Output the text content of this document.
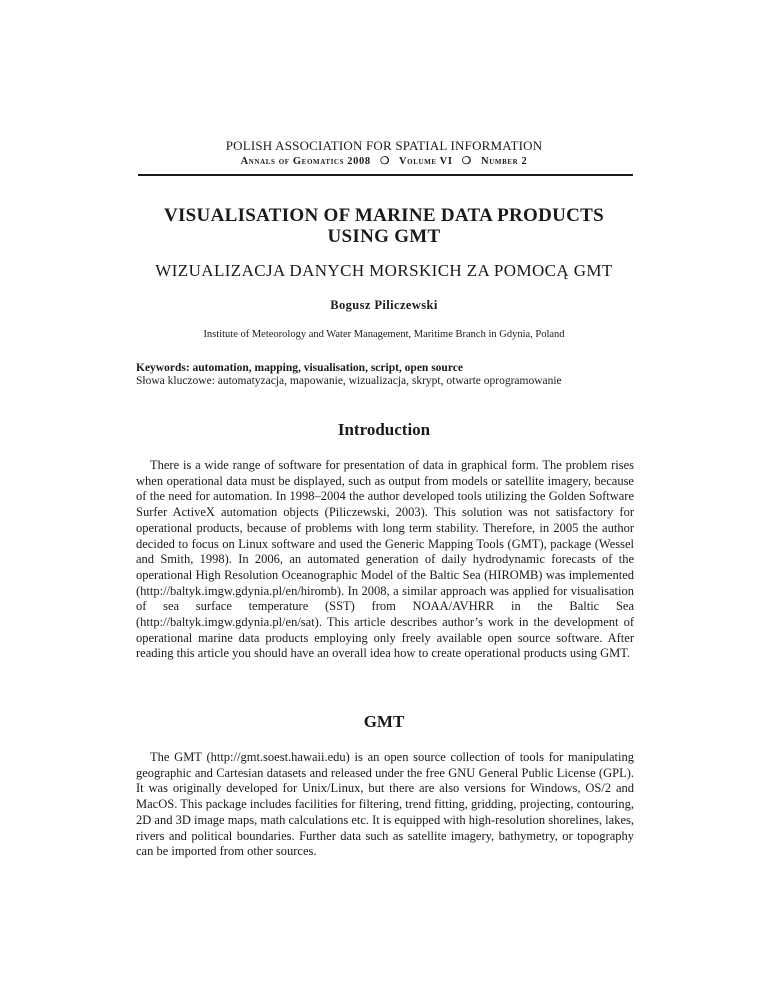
POLISH ASSOCIATION FOR SPATIAL INFORMATION
Annals of Geomatics 2008 ❍ Volume VI ❍ Number 2
VISUALISATION OF MARINE DATA PRODUCTS
USING GMT
WIZUALIZACJA DANYCH MORSKICH ZA POMOCĄ GMT
Bogusz Piliczewski
Institute of Meteorology and Water Management, Maritime Branch in Gdynia, Poland
Keywords: automation, mapping, visualisation, script, open source
Słowa kluczowe: automatyzacja, mapowanie, wizualizacja, skrypt, otwarte oprogramowanie
Introduction

There is a wide range of software for presentation of data in graphical form. The problem rises when operational data must be displayed, such as output from models or satellite imagery, because of the need for automation. In 1998–2004 the author developed tools utilizing the Golden Software Surfer ActiveX automation objects (Piliczewski, 2003). This solution was not satisfactory for operational products, because of problems with long term stability. Therefore, in 2005 the author decided to focus on Linux software and used the Generic Mapping Tools (GMT), package (Wessel and Smith, 1998). In 2006, an automated generation of daily hydrodynamic forecasts of the operational High Resolution Oceanographic Model of the Baltic Sea (HIROMB) was implemented (http://baltyk.imgw.gdynia.pl/en/hiromb). In 2008, a similar approach was applied for visualisation of sea surface temperature (SST) from NOAA/AVHRR in the Baltic Sea (http://baltyk.imgw.gdynia.pl/en/sat). This article describes author’s work in the development of operational marine data products employing only freely available open source software. After reading this article you should have an overall idea how to create operational products using GMT.

GMT

The GMT (http://gmt.soest.hawaii.edu) is an open source collection of tools for manipulating geographic and Cartesian datasets and released under the free GNU General Public License (GPL). It was originally developed for Unix/Linux, but there are also versions for Windows, OS/2 and MacOS. This package includes facilities for filtering, trend fitting, gridding, projecting, contouring, 2D and 3D image maps, math calculations etc. It is equipped with high-resolution shorelines, lakes, rivers and political boundaries. Further data such as satellite imagery, bathymetry, or topography can be imported from other sources.
